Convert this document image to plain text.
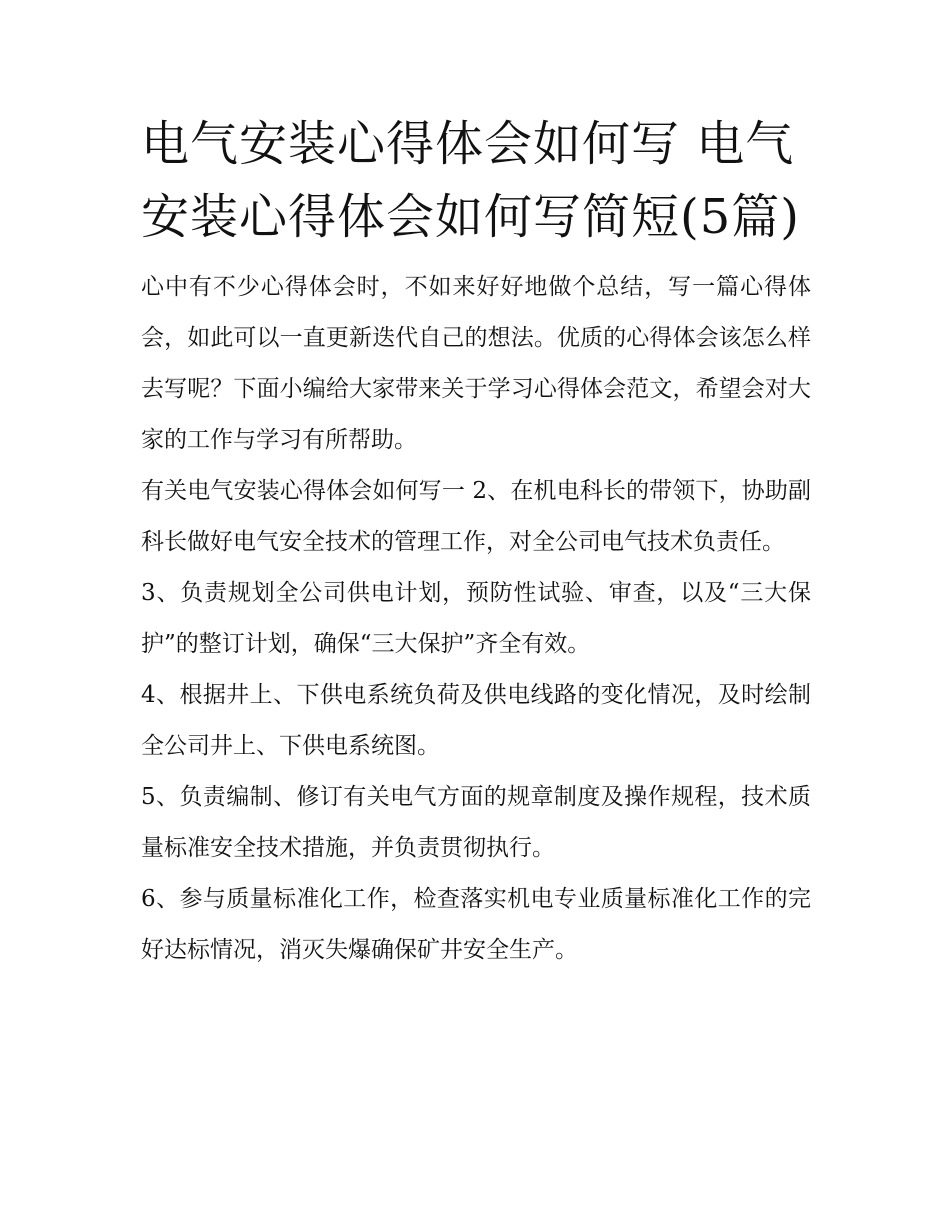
电气安装心得体会如何写 电气安装心得体会如何写简短(5篇)

心中有不少心得体会时，不如来好好地做个总结，写一篇心得体会，如此可以一直更新迭代自己的想法。优质的心得体会该怎么样去写呢？下面小编给大家带来关于学习心得体会范文，希望会对大家的工作与学习有所帮助。

有关电气安装心得体会如何写一 2、在机电科长的带领下，协助副科长做好电气安全技术的管理工作，对全公司电气技术负责任。

3、负责规划全公司供电计划，预防性试验、审查，以及“三大保护”的整订计划，确保“三大保护”齐全有效。

4、根据井上、下供电系统负荷及供电线路的变化情况，及时绘制全公司井上、下供电系统图。

5、负责编制、修订有关电气方面的规章制度及操作规程，技术质量标准安全技术措施，并负责贯彻执行。

6、参与质量标准化工作，检查落实机电专业质量标准化工作的完好达标情况，消灭失爆确保矿井安全生产。
